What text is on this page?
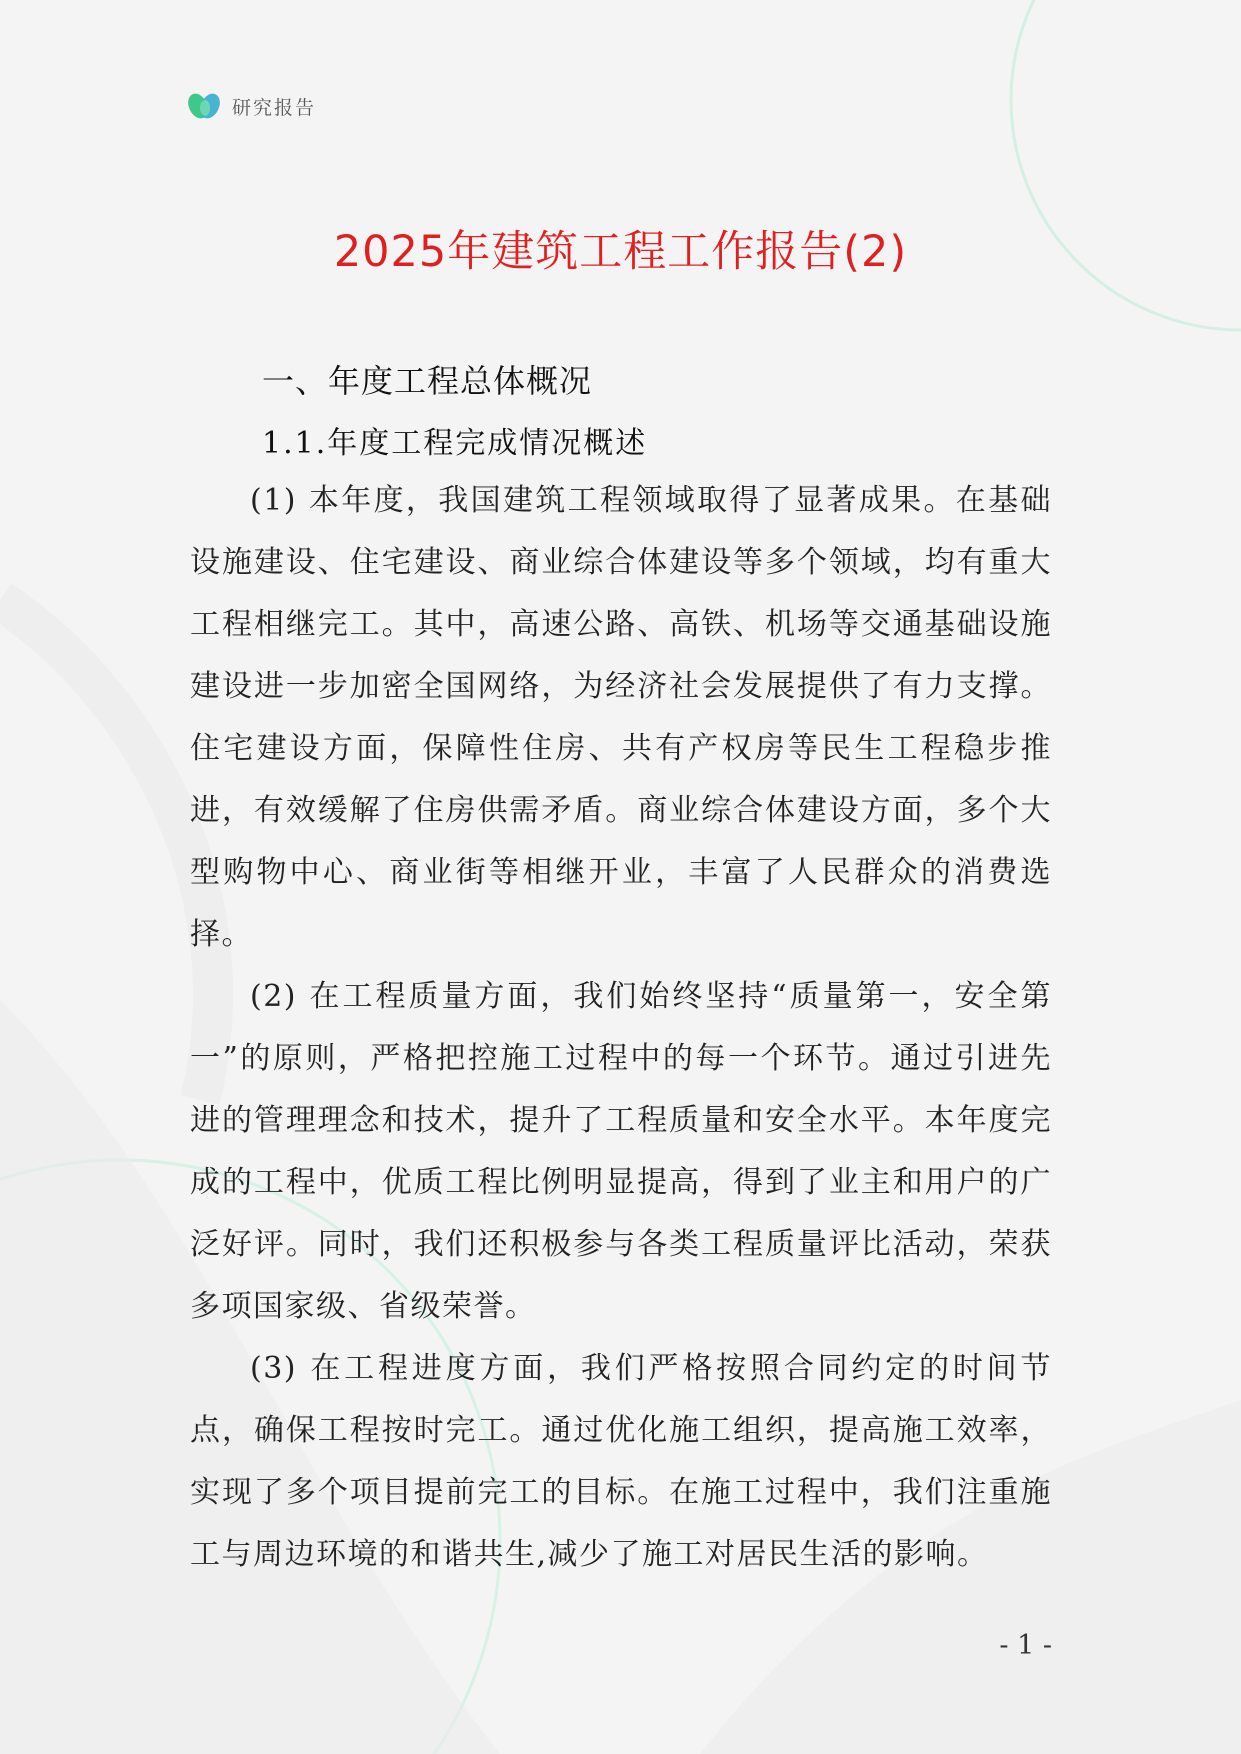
研究报告
2025年建筑工程工作报告(2)
一、年度工程总体概况
1.1.年度工程完成情况概述

(1) 本年度，我国建筑工程领域取得了显著成果。在基础设施建设、住宅建设、商业综合体建设等多个领域，均有重大工程相继完工。其中，高速公路、高铁、机场等交通基础设施建设进一步加密全国网络，为经济社会发展提供了有力支撑。住宅建设方面，保障性住房、共有产权房等民生工程稳步推进，有效缓解了住房供需矛盾。商业综合体建设方面，多个大型购物中心、商业街等相继开业，丰富了人民群众的消费选择。

(2) 在工程质量方面，我们始终坚持“质量第一，安全第一”的原则，严格把控施工过程中的每一个环节。通过引进先进的管理理念和技术，提升了工程质量和安全水平。本年度完成的工程中，优质工程比例明显提高，得到了业主和用户的广泛好评。同时，我们还积极参与各类工程质量评比活动，荣获多项国家级、省级荣誉。

(3) 在工程进度方面，我们严格按照合同约定的时间节点，确保工程按时完工。通过优化施工组织，提高施工效率，实现了多个项目提前完工的目标。在施工过程中，我们注重施工与周边环境的和谐共生,减少了施工对居民生活的影响。

- 1 -
